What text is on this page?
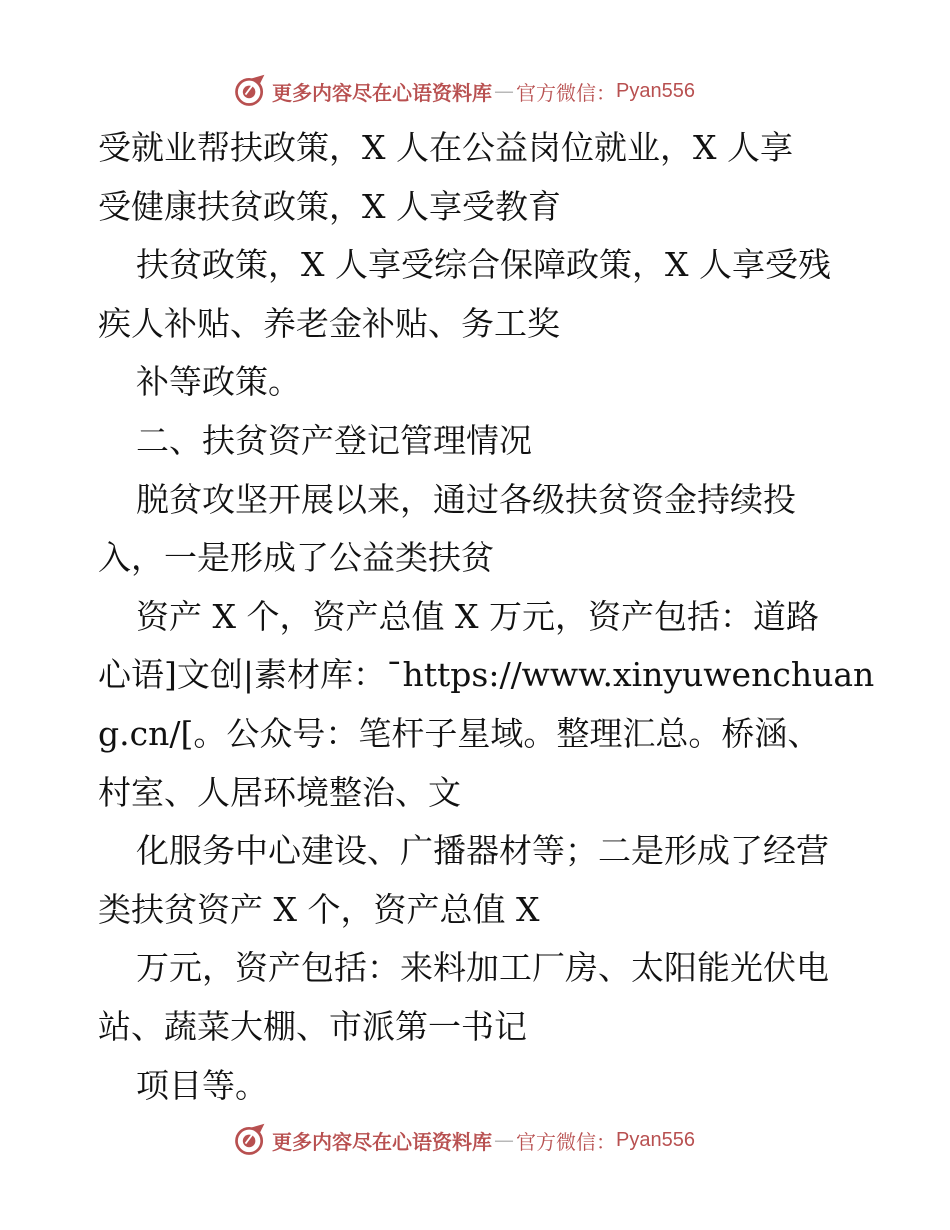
更多内容尽在心语资料库 — 官方微信： Pyan556
受就业帮扶政策，X 人在公益岗位就业，X 人享
受健康扶贫政策，X 人享受教育
扶贫政策，X 人享受综合保障政策，X 人享受残
疾人补贴、养老金补贴、务工奖
补等政策。
二、扶贫资产登记管理情况
脱贫攻坚开展以来，通过各级扶贫资金持续投
入，一是形成了公益类扶贫
资产 X 个，资产总值 X 万元，资产包括：道路
心语]文创|素材库：¯https://www.xinyuwenchuan
g.cn/[。公众号：笔杆子星域。整理汇总。桥涵、
村室、人居环境整治、文
化服务中心建设、广播器材等；二是形成了经营
类扶贫资产 X 个，资产总值 X
万元，资产包括：来料加工厂房、太阳能光伏电
站、蔬菜大棚、市派第一书记
项目等。
更多内容尽在心语资料库 — 官方微信： Pyan556
